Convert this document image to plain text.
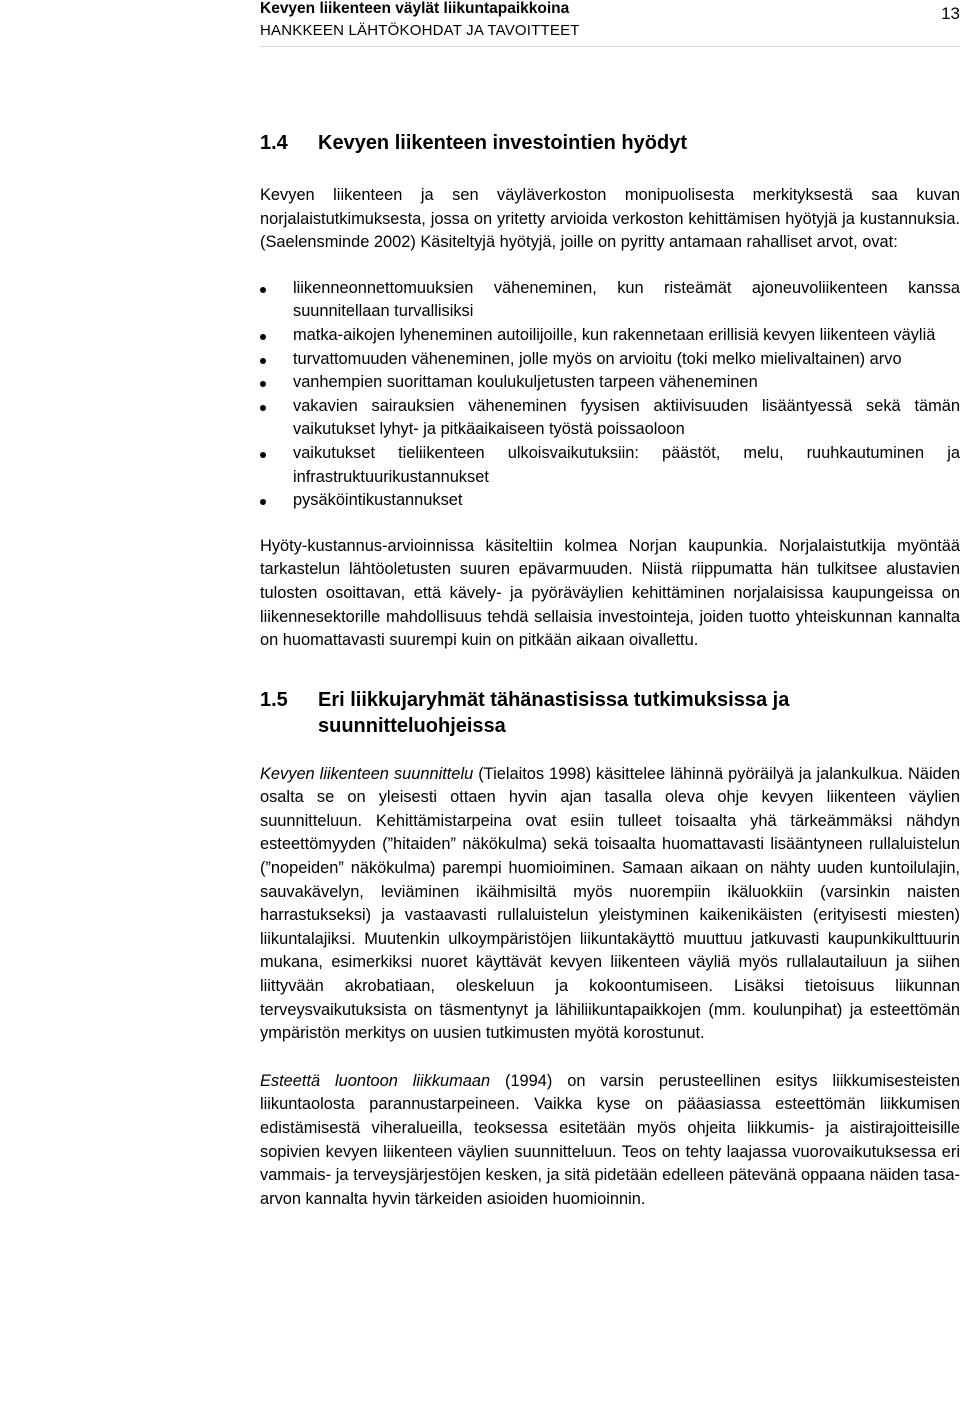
Kevyen liikenteen väylät liikuntapaikkoina
HANKKEEN LÄHTÖKOHDAT JA TAVOITTEET
13
1.4	Kevyen liikenteen investointien hyödyt

Kevyen liikenteen ja sen väyläverkoston monipuolisesta merkityksestä saa kuvan norjalaistutkimuksesta, jossa on yritetty arvioida verkoston kehittämisen hyötyjä ja kustannuksia. (Saelensminde 2002) Käsiteltyjä hyötyjä, joille on pyritty antamaan rahalliset arvot, ovat:

liikenneonnettomuuksien väheneminen, kun risteämät ajoneuvoliikenteen kanssa suunnitellaan turvallisiksi
matka-aikojen lyheneminen autoilijoille, kun rakennetaan erillisiä kevyen liikenteen väyliä
turvattomuuden väheneminen, jolle myös on arvioitu (toki melko mielivaltainen) arvo
vanhempien suorittaman koulukuljetusten tarpeen väheneminen
vakavien sairauksien väheneminen fyysisen aktiivisuuden lisääntyessä sekä tämän vaikutukset lyhyt- ja pitkäaikaiseen työstä poissaoloon
vaikutukset tieliikenteen ulkoisvaikutuksiin: päästöt, melu, ruuhkautuminen ja infrastruktuurikustannukset
pysäköintikustannukset

Hyöty-kustannus-arvioinnissa käsiteltiin kolmea Norjan kaupunkia. Norjalaistutkija myöntää tarkastelun lähtöoletusten suuren epävarmuuden. Niistä riippumatta hän tulkitsee alustavien tulosten osoittavan, että kävely- ja pyöräväylien kehittäminen norjalaisissa kaupungeissa on liikennesektorille mahdollisuus tehdä sellaisia investointeja, joiden tuotto yhteiskunnan kannalta on huomattavasti suurempi kuin on pitkään aikaan oivallettu.

1.5	Eri liikkujaryhmät tähänastisissa tutkimuksissa ja suunnitteluohjeissa

Kevyen liikenteen suunnittelu (Tielaitos 1998) käsittelee lähinnä pyöräilyä ja jalankulkua. Näiden osalta se on yleisesti ottaen hyvin ajan tasalla oleva ohje kevyen liikenteen väylien suunnitteluun. Kehittämistarpeina ovat esiin tulleet toisaalta yhä tärkeämmäksi nähdyn esteettömyyden (”hitaiden” näkökulma) sekä toisaalta huomattavasti lisääntyneen rullaluistelun (”nopeiden” näkökulma) parempi huomioiminen. Samaan aikaan on nähty uuden kuntoilulajin, sauvakävelyn, leviäminen ikäihmisiltä myös nuorempiin ikäluokkiin (varsinkin naisten harrastukseksi) ja vastaavasti rullaluistelun yleistyminen kaikenikäisten (erityisesti miesten) liikuntalajiksi. Muutenkin ulkoympäristöjen liikuntakäyttö muuttuu jatkuvasti kaupunkikulttuurin mukana, esimerkiksi nuoret käyttävät kevyen liikenteen väyliä myös rullalautailuun ja siihen liittyvään akrobatiaan, oleskeluun ja kokoontumiseen. Lisäksi tietoisuus liikunnan terveysvaikutuksista on täsmentynyt ja lähiliikuntapaikkojen (mm. koulunpihat) ja esteettömän ympäristön merkitys on uusien tutkimusten myötä korostunut.

Esteettä luontoon liikkumaan (1994) on varsin perusteellinen esitys liikkumisesteisten liikuntaolosta parannustarpeineen. Vaikka kyse on pääasiassa esteettömän liikkumisen edistämisestä viheralueilla, teoksessa esitetään myös ohjeita liikkumis- ja aistirajoitteisille sopivien kevyen liikenteen väylien suunnitteluun. Teos on tehty laajassa vuorovaikutuksessa eri vammais- ja terveysjärjestöjen kesken, ja sitä pidetään edelleen pätevänä oppaana näiden tasa-arvon kannalta hyvin tärkeiden asioiden huomioinnin.
